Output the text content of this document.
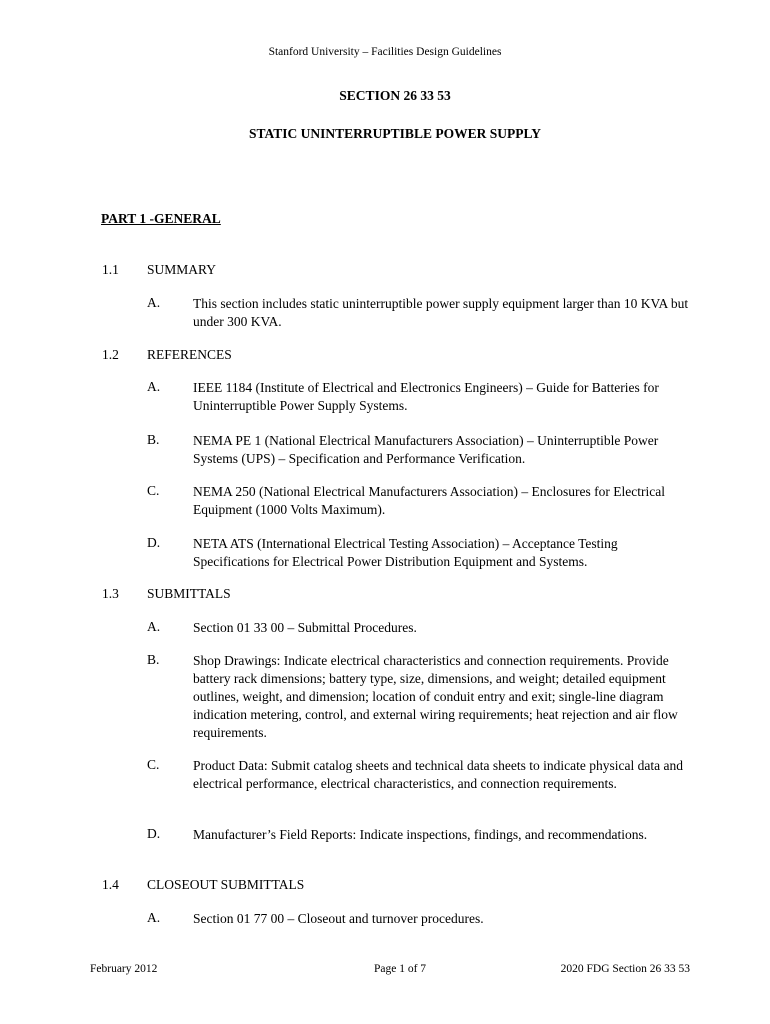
Stanford University – Facilities Design Guidelines
SECTION 26 33 53
STATIC UNINTERRUPTIBLE POWER SUPPLY
PART 1 -GENERAL
1.1 SUMMARY
A. This section includes static uninterruptible power supply equipment larger than 10 KVA but under 300 KVA.
1.2 REFERENCES
A. IEEE 1184 (Institute of Electrical and Electronics Engineers) – Guide for Batteries for Uninterruptible Power Supply Systems.
B. NEMA PE 1 (National Electrical Manufacturers Association) – Uninterruptible Power Systems (UPS) – Specification and Performance Verification.
C. NEMA 250 (National Electrical Manufacturers Association) – Enclosures for Electrical Equipment (1000 Volts Maximum).
D. NETA ATS (International Electrical Testing Association) – Acceptance Testing Specifications for Electrical Power Distribution Equipment and Systems.
1.3 SUBMITTALS
A. Section 01 33 00 – Submittal Procedures.
B. Shop Drawings: Indicate electrical characteristics and connection requirements. Provide battery rack dimensions; battery type, size, dimensions, and weight; detailed equipment outlines, weight, and dimension; location of conduit entry and exit; single-line diagram indication metering, control, and external wiring requirements; heat rejection and air flow requirements.
C. Product Data: Submit catalog sheets and technical data sheets to indicate physical data and electrical performance, electrical characteristics, and connection requirements.
D. Manufacturer’s Field Reports: Indicate inspections, findings, and recommendations.
1.4 CLOSEOUT SUBMITTALS
A. Section 01 77 00 – Closeout and turnover procedures.
February 2012	Page 1 of 7	2020 FDG Section 26 33 53
